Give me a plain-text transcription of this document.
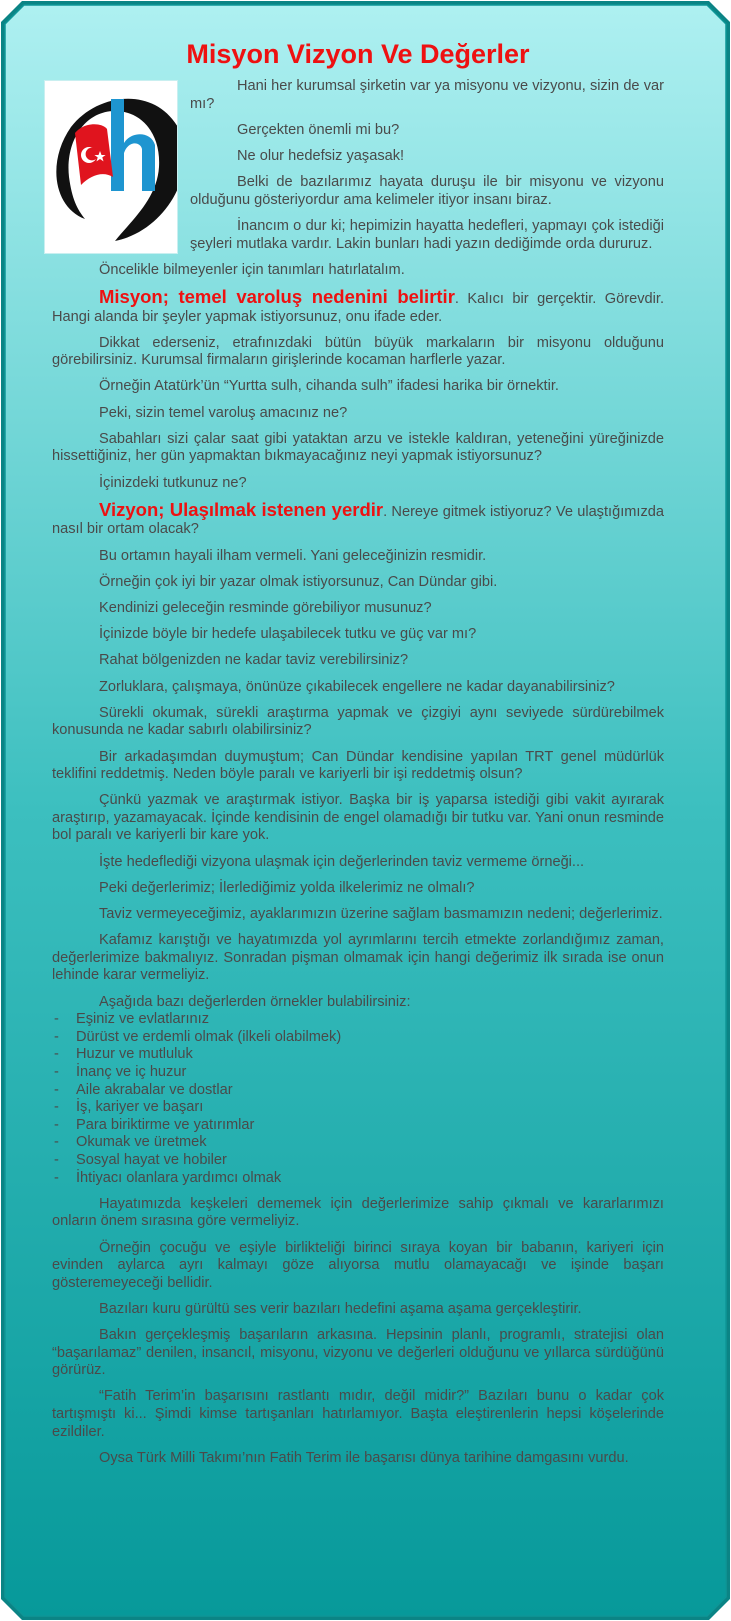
Misyon Vizyon Ve Değerler

Hani her kurumsal şirketin var ya misyonu ve vizyonu, sizin de var mı?

Gerçekten önemli mi bu?

Ne olur hedefsiz yaşasak!

Belki de bazılarımız hayata duruşu ile bir misyonu ve vizyonu olduğunu gösteriyordur ama kelimeler itiyor insanı biraz.

İnancım o dur ki; hepimizin hayatta hedefleri, yapmayı çok istediği şeyleri mutlaka vardır. Lakin bunları hadi yazın dediğimde orda dururuz.

Öncelikle bilmeyenler için tanımları hatırlatalım.

Misyon; temel varoluş nedenini belirtir. Kalıcı bir gerçektir. Görevdir. Hangi alanda bir şeyler yapmak istiyorsunuz, onu ifade eder.

Dikkat ederseniz, etrafınızdaki bütün büyük markaların bir misyonu olduğunu görebilirsiniz. Kurumsal firmaların girişlerinde kocaman harflerle yazar.

Örneğin Atatürk’ün “Yurtta sulh, cihanda sulh” ifadesi harika bir örnektir.

Peki, sizin temel varoluş amacınız ne?

Sabahları sizi çalar saat gibi yataktan arzu ve istekle kaldıran, yeteneğini yüreğinizde hissettiğiniz, her gün yapmaktan bıkmayacağınız neyi yapmak istiyorsunuz?

İçinizdeki tutkunuz ne?

Vizyon; Ulaşılmak istenen yerdir. Nereye gitmek istiyoruz? Ve ulaştığımızda nasıl bir ortam olacak?

Bu ortamın hayali ilham vermeli. Yani geleceğinizin resmidir.

Örneğin çok iyi bir yazar olmak istiyorsunuz, Can Dündar gibi.

Kendinizi geleceğin resminde görebiliyor musunuz?

İçinizde böyle bir hedefe ulaşabilecek tutku ve güç var mı?

Rahat bölgenizden ne kadar taviz verebilirsiniz?

Zorluklara, çalışmaya, önünüze çıkabilecek engellere ne kadar dayanabilirsiniz?

Sürekli okumak, sürekli araştırma yapmak ve çizgiyi aynı seviyede sürdürebilmek konusunda ne kadar sabırlı olabilirsiniz?

Bir arkadaşımdan duymuştum; Can Dündar kendisine yapılan TRT genel müdürlük teklifini reddetmiş. Neden böyle paralı ve kariyerli bir işi reddetmiş olsun?

Çünkü yazmak ve araştırmak istiyor. Başka bir iş yaparsa istediği gibi vakit ayırarak araştırıp, yazamayacak. İçinde kendisinin de engel olamadığı bir tutku var. Yani onun resminde bol paralı ve kariyerli bir kare yok.

İşte hedeflediği vizyona ulaşmak için değerlerinden taviz vermeme örneği...

Peki değerlerimiz; İlerlediğimiz yolda ilkelerimiz ne olmalı?

Taviz vermeyeceğimiz, ayaklarımızın üzerine sağlam basmamızın nedeni; değerlerimiz.

Kafamız karıştığı ve hayatımızda yol ayrımlarını tercih etmekte zorlandığımız zaman, değerlerimize bakmalıyız. Sonradan pişman olmamak için hangi değerimiz ilk sırada ise onun lehinde karar vermeliyiz.

Aşağıda bazı değerlerden örnekler bulabilirsiniz:

- Eşiniz ve evlatlarınız
- Dürüst ve erdemli olmak (ilkeli olabilmek)
- Huzur ve mutluluk
- İnanç ve iç huzur
- Aile akrabalar ve dostlar
- İş, kariyer ve başarı
- Para biriktirme ve yatırımlar
- Okumak ve üretmek
- Sosyal hayat ve hobiler
- İhtiyacı olanlara yardımcı olmak

Hayatımızda keşkeleri dememek için değerlerimize sahip çıkmalı ve kararlarımızı onların önem sırasına göre vermeliyiz.

Örneğin çocuğu ve eşiyle birlikteliği birinci sıraya koyan bir babanın, kariyeri için evinden aylarca ayrı kalmayı göze alıyorsa mutlu olamayacağı ve işinde başarı gösteremeyeceği bellidir.

Bazıları kuru gürültü ses verir bazıları hedefini aşama aşama gerçekleştirir.

Bakın gerçekleşmiş başarıların arkasına. Hepsinin planlı, programlı, stratejisi olan “başarılamaz” denilen, insancıl, misyonu, vizyonu ve değerleri olduğunu ve yıllarca sürdüğünü görürüz.

“Fatih Terim’in başarısını rastlantı mıdır, değil midir?” Bazıları bunu o kadar çok tartışmıştı ki... Şimdi kimse tartışanları hatırlamıyor. Başta eleştirenlerin hepsi köşelerinde ezildiler.

Oysa Türk Milli Takımı’nın Fatih Terim ile başarısı dünya tarihine damgasını vurdu.
